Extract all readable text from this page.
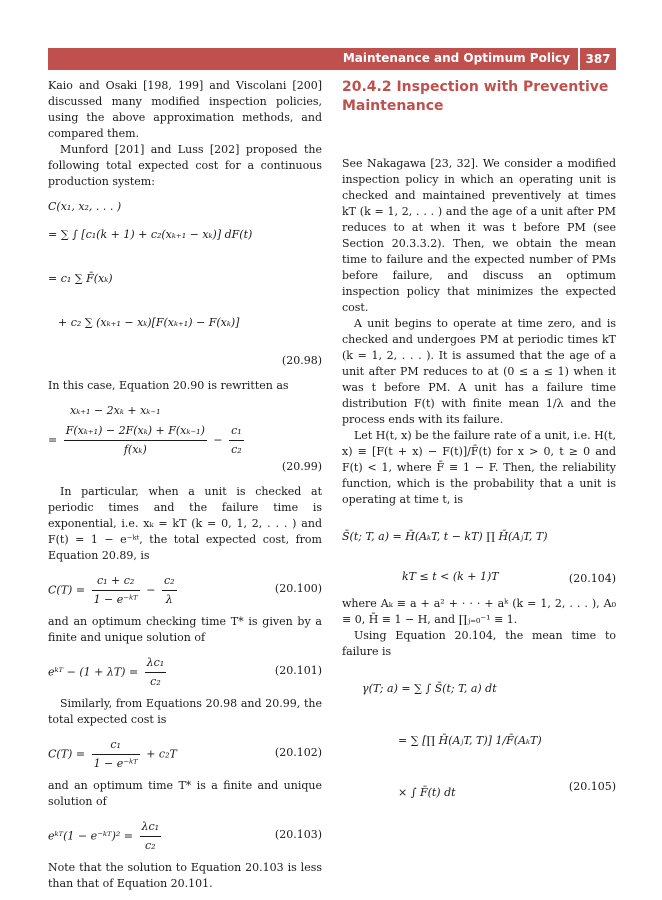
Maintenance and Optimum Policy	387

Kaio and Osaki [198, 199] and Viscolani [200] discussed many modified inspection policies, using the above approximation methods, and compared them.

Munford [201] and Luss [202] proposed the following total expected cost for a continuous production system:

C(x₁, x₂, . . . )
= ∑ ∫ [c₁(k + 1) + c₂(xₖ₊₁ − xₖ)] dF(t)
= c₁ ∑ F̄(xₖ)
+ c₂ ∑ (xₖ₊₁ − xₖ)[F(xₖ₊₁) − F(xₖ)]
(20.98)

In this case, Equation 20.90 is rewritten as

xₖ₊₁ − 2xₖ + xₖ₋₁
= $\frac{\text{F(xₖ₊₁) − 2F(xₖ) + F(xₖ₋₁)}}{\text{f(xₖ)}} - \frac{\text{c₁}}{\text{c₂}}$
(20.99)

In particular, when a unit is checked at periodic times and the failure time is exponential, i.e. xₖ = kT (k = 0, 1, 2, . . . ) and F(t) = 1 − e⁻ᵏᵗ, the total expected cost, from Equation 20.89, is

$C(T) = \frac{\text{c₁ + c₂}}{\text{1 − e⁻ᵏᵀ}} - \frac{\text{c₂}}{\lambda}$	(20.100)

and an optimum checking time T* is given by a finite and unique solution of

eᵏᵀ − $(1 + \lambda T) = \frac{\text{λc₁}}{\text{c₂}}$	(20.101)

Similarly, from Equations 20.98 and 20.99, the total expected cost is

$C(T) = \frac{\text{c₁}}{\text{1 − e⁻ᵏᵀ}} + c_2T$	(20.102)

and an optimum time T* is a finite and unique solution of

eᵏᵀ(1 − e⁻ᵏᵀ)² = $\frac{\text{λc₁}}{\text{c₂}}$	(20.103)

Note that the solution to Equation 20.103 is less than that of Equation 20.101.

20.4.2 Inspection with Preventive Maintenance

See Nakagawa [23, 32]. We consider a modified inspection policy in which an operating unit is checked and maintained preventively at times kT (k = 1, 2, . . . ) and the age of a unit after PM reduces to at when it was t before PM (see Section 20.3.3.2). Then, we obtain the mean time to failure and the expected number of PMs before failure, and discuss an optimum inspection policy that minimizes the expected cost.

A unit begins to operate at time zero, and is checked and undergoes PM at periodic times kT (k = 1, 2, . . . ). It is assumed that the age of a unit after PM reduces to at (0 ≤ a ≤ 1) when it was t before PM. A unit has a failure time distribution F(t) with finite mean 1/λ and the process ends with its failure.

Let H(t, x) be the failure rate of a unit, i.e. H(t, x) ≡ [F(t + x) − F(t)]/F̄(t) for x > 0, t ≥ 0 and F(t) < 1, where F̄ ≡ 1 − F. Then, the reliability function, which is the probability that a unit is operating at time t, is

S̄(t; T, a) = H̄(AₖT, t − kT) ∏ H̄(AⱼT, T)
kT ≤ t < (k + 1)T	(20.104)

where Aₖ ≡ a + a² + · · · + aᵏ (k = 1, 2, . . . ), A₀ ≡ 0, H̄ ≡ 1 − H, and ∏ⱼ₌₀⁻¹ ≡ 1.

Using Equation 20.104, the mean time to failure is

γ(T; a) = ∑ ∫ S̄(t; T, a) dt
= ∑ [∏ H̄(AⱼT, T)] 1/F̄(AₖT)
× ∫ F̄(t) dt	(20.105)
